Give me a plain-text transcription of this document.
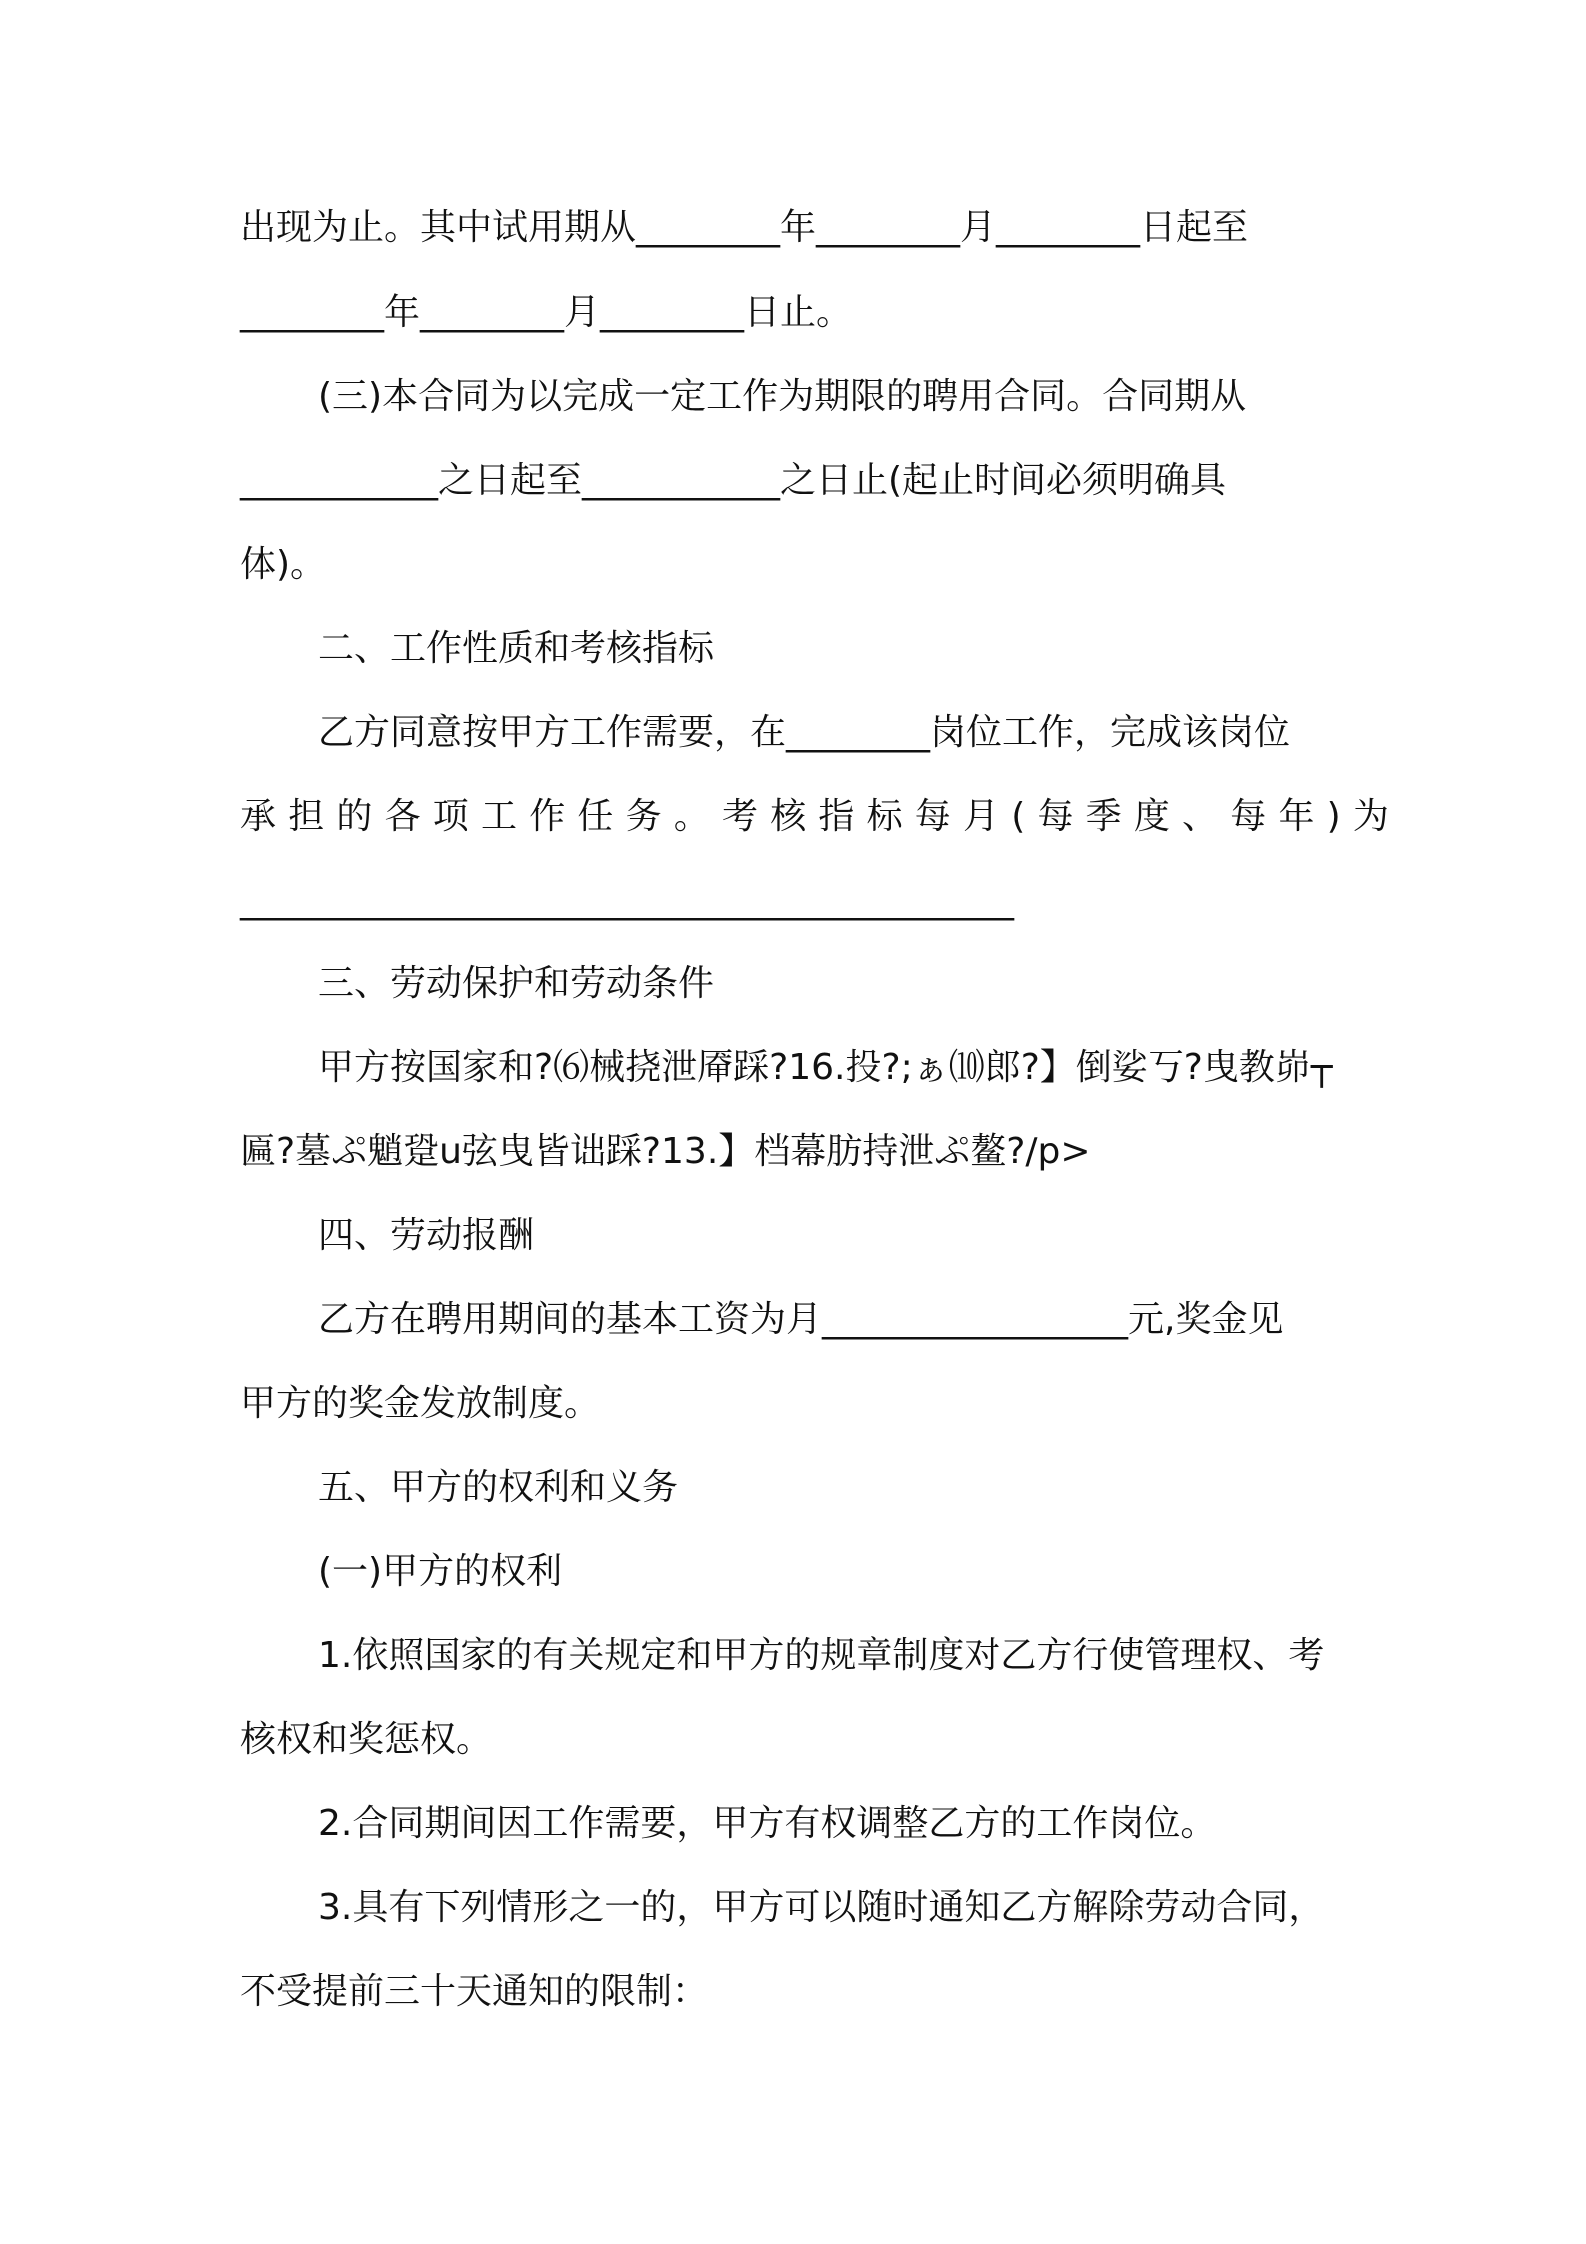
出现为止。其中试用期从________年________月________日起至
________年________月________日止。
(三)本合同为以完成一定工作为期限的聘用合同。合同期从
___________之日起至___________之日止(起止时间必须明确具
体)。
二、工作性质和考核指标
乙方同意按甲方工作需要，在________岗位工作，完成该岗位
承担的各项工作任务。考核指标每月(每季度、每年)为
___________________________________________
三、劳动保护和劳动条件
甲方按国家和?⑹械挠泄厣踩?16.投?;ぁ⑽郎?】倒娑丂?曳教峁┬
匾?墓ぷ魈跫u弦曳皆诎踩?13.】档幕肪持泄ぷ鳌?/p>
四、劳动报酬
乙方在聘用期间的基本工资为月_________________元,奖金见
甲方的奖金发放制度。
五、甲方的权利和义务
(一)甲方的权利
1.依照国家的有关规定和甲方的规章制度对乙方行使管理权、考
核权和奖惩权。
2.合同期间因工作需要，甲方有权调整乙方的工作岗位。
3.具有下列情形之一的，甲方可以随时通知乙方解除劳动合同，
不受提前三十天通知的限制：
